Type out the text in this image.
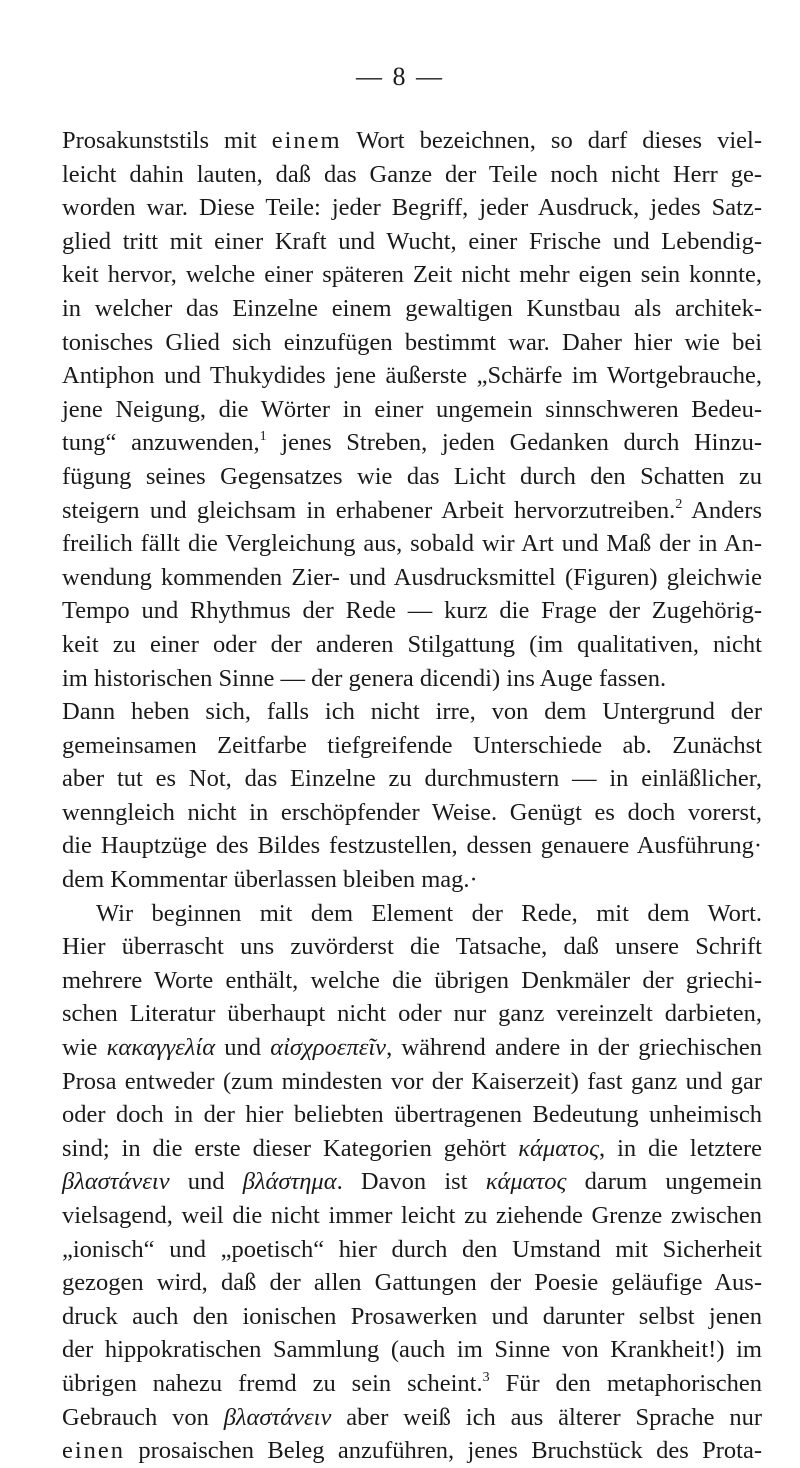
— 8 —
Prosakunststils mit einem Wort bezeichnen, so darf dieses viel-
leicht dahin lauten, daß das Ganze der Teile noch nicht Herr ge-
worden war. Diese Teile: jeder Begriff, jeder Ausdruck, jedes Satz-
glied tritt mit einer Kraft und Wucht, einer Frische und Lebendig-
keit hervor, welche einer späteren Zeit nicht mehr eigen sein konnte,
in welcher das Einzelne einem gewaltigen Kunstbau als architek-
tonisches Glied sich einzufügen bestimmt war. Daher hier wie bei
Antiphon und Thukydides jene äußerste „Schärfe im Wortgebrauche,
jene Neigung, die Wörter in einer ungemein sinnschweren Bedeu-
tung“ anzuwenden,$^1$ jenes Streben, jeden Gedanken durch Hinzu-
fügung seines Gegensatzes wie das Licht durch den Schatten zu
steigern und gleichsam in erhabener Arbeit hervorzutreiben.$^2$ Anders
freilich fällt die Vergleichung aus, sobald wir Art und Maß der in An-
wendung kommenden Zier- und Ausdrucksmittel (Figuren) gleichwie
Tempo und Rhythmus der Rede — kurz die Frage der Zugehörig-
keit zu einer oder der anderen Stilgattung (im qualitativen, nicht
im historischen Sinne — der genera dicendi) ins Auge fassen.
Dann heben sich, falls ich nicht irre, von dem Untergrund der
gemeinsamen Zeitfarbe tiefgreifende Unterschiede ab. Zunächst
aber tut es Not, das Einzelne zu durchmustern — in einläßlicher,
wenngleich nicht in erschöpfender Weise. Genügt es doch vorerst,
die Hauptzüge des Bildes festzustellen, dessen genauere Ausführung·
dem Kommentar überlassen bleiben mag.·
Wir beginnen mit dem Element der Rede, mit dem Wort.
Hier überrascht uns zuvörderst die Tatsache, daß unsere Schrift
mehrere Worte enthält, welche die übrigen Denkmäler der griechi-
schen Literatur überhaupt nicht oder nur ganz vereinzelt darbieten,
wie κακαγγελία und αἰσχροεπεῖν, während andere in der griechischen
Prosa entweder (zum mindesten vor der Kaiserzeit) fast ganz und gar
oder doch in der hier beliebten übertragenen Bedeutung unheimisch
sind; in die erste dieser Kategorien gehört κάματος, in die letztere
βλαστάνειν und βλάστημα. Davon ist κάματος darum ungemein
vielsagend, weil die nicht immer leicht zu ziehende Grenze zwischen
„ionisch“ und „poetisch“ hier durch den Umstand mit Sicherheit
gezogen wird, daß der allen Gattungen der Poesie geläufige Aus-
druck auch den ionischen Prosawerken und darunter selbst jenen
der hippokratischen Sammlung (auch im Sinne von Krankheit!) im
übrigen nahezu fremd zu sein scheint.$^3$ Für den metaphorischen
Gebrauch von βλαστάνειν aber weiß ich aus älterer Sprache nur
einen prosaischen Beleg anzuführen, jenes Bruchstück des Prota-
